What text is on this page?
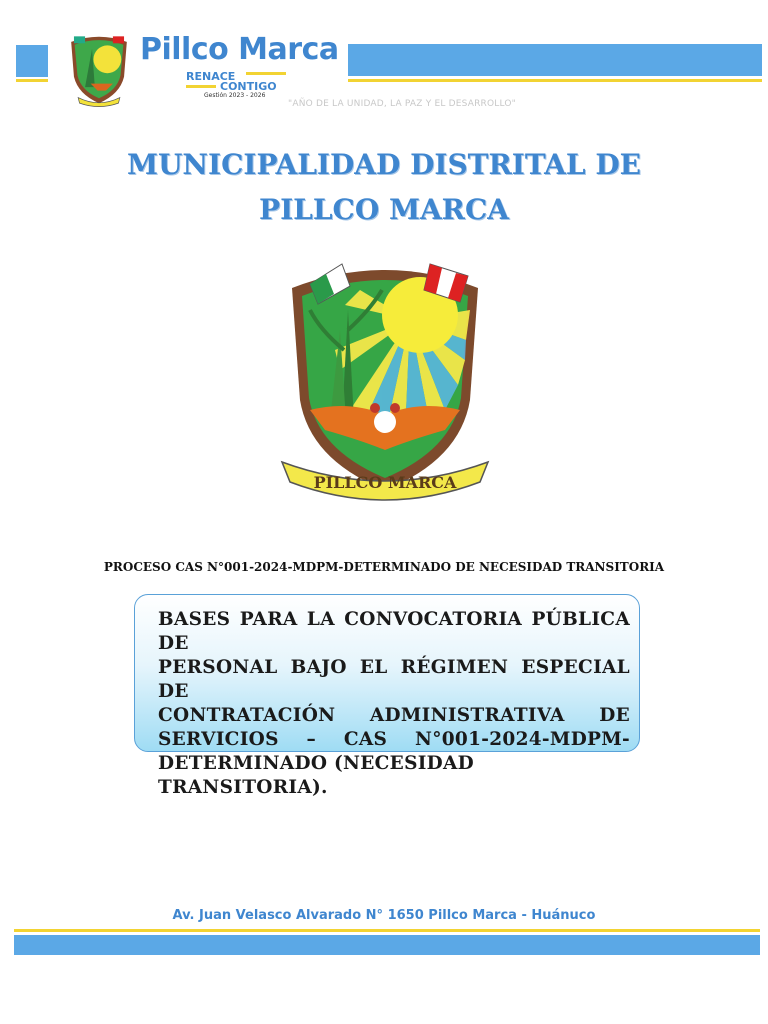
Pillco Marca
RENACE
CONTIGO
Gestión 2023 - 2026
"AÑO DE LA UNIDAD, LA PAZ Y EL DESARROLLO"
MUNICIPALIDAD DISTRITAL DE
PILLCO MARCA
PILLCO MARCA
PROCESO CAS N°001-2024-MDPM-DETERMINADO DE NECESIDAD TRANSITORIA
BASES PARA LA CONVOCATORIA PÚBLICA DE
PERSONAL BAJO EL RÉGIMEN ESPECIAL DE
CONTRATACIÓN ADMINISTRATIVA DE
SERVICIOS – CAS N°001-2024-MDPM-
DETERMINADO (NECESIDAD TRANSITORIA).
Av. Juan Velasco Alvarado N° 1650 Pillco Marca - Huánuco
